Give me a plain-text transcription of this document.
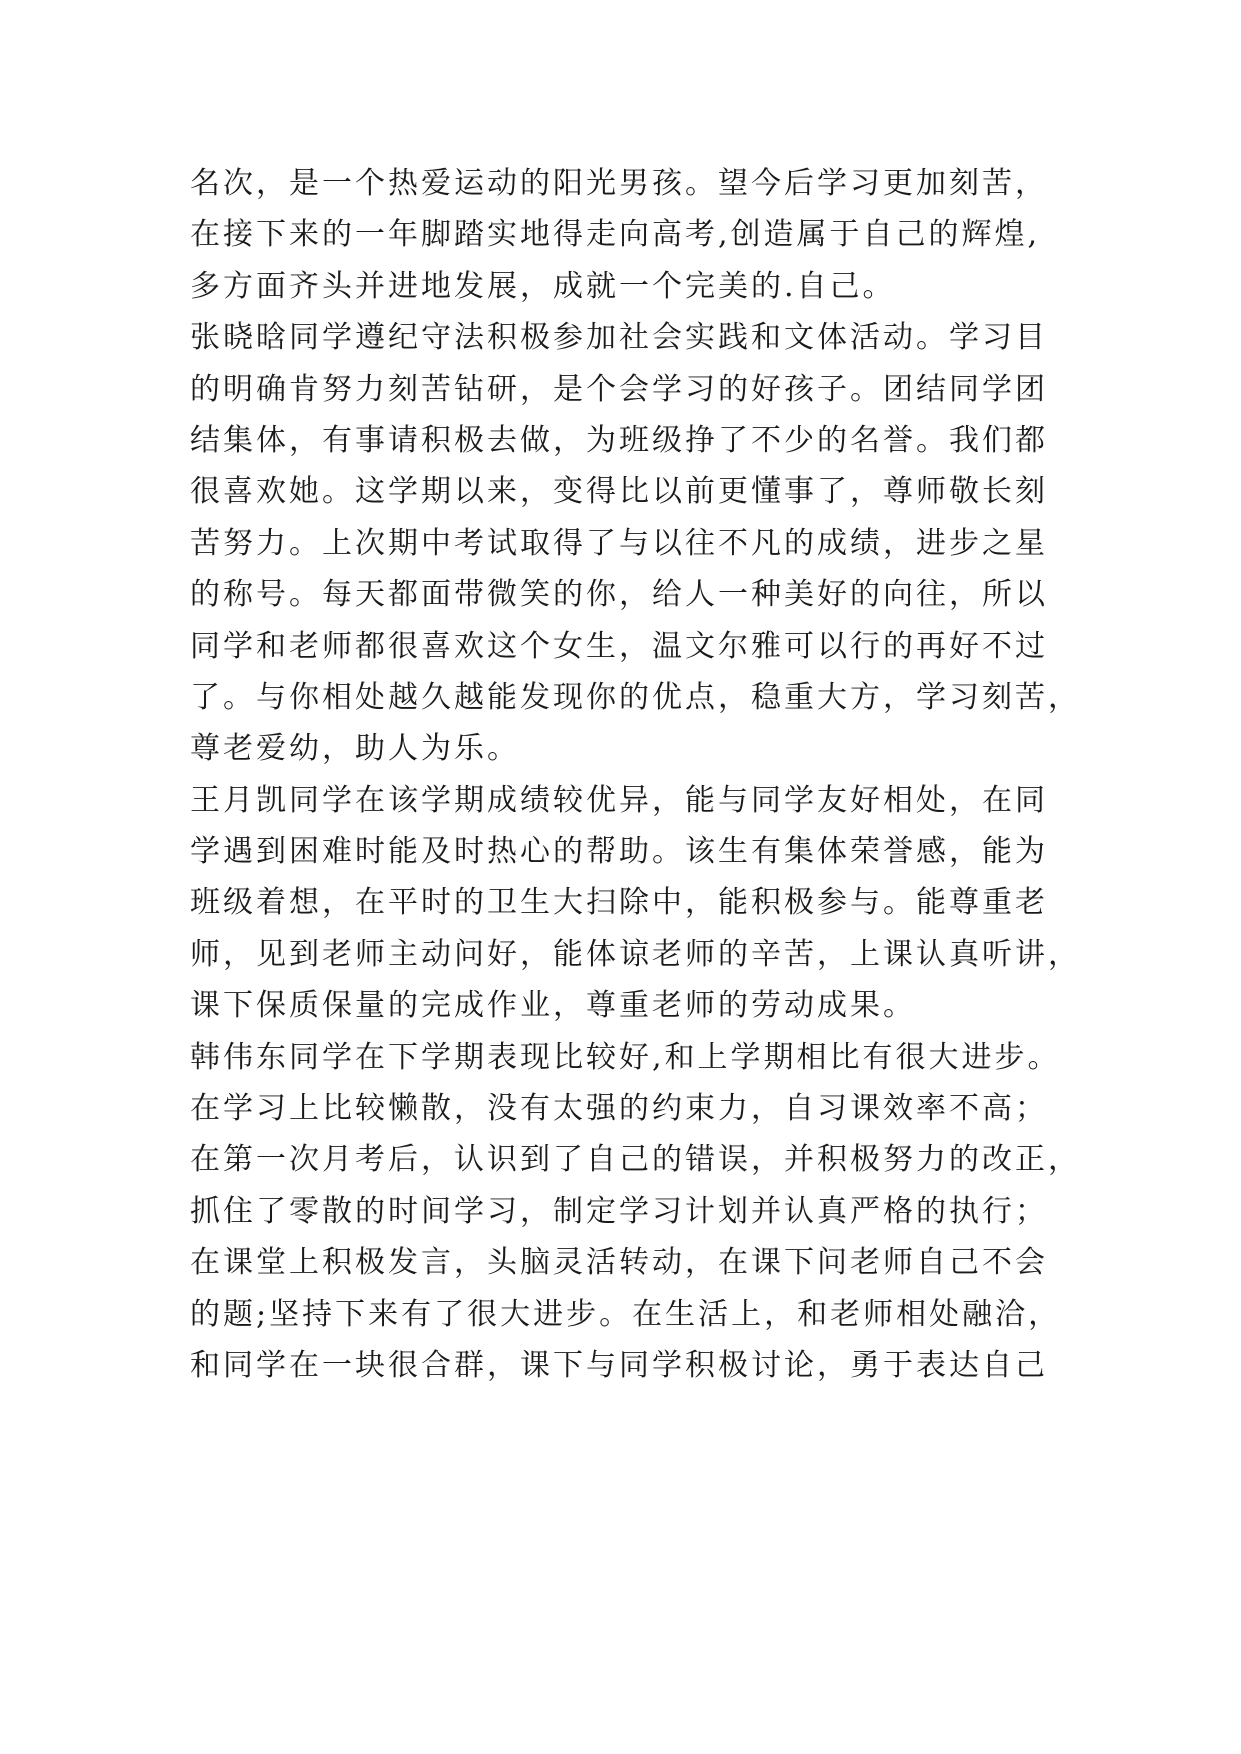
名次，是一个热爱运动的阳光男孩。望今后学习更加刻苦，
在接下来的一年脚踏实地得走向高考,创造属于自己的辉煌,
多方面齐头并进地发展，成就一个完美的.自己。
张晓晗同学遵纪守法积极参加社会实践和文体活动。学习目
的明确肯努力刻苦钻研，是个会学习的好孩子。团结同学团
结集体，有事请积极去做，为班级挣了不少的名誉。我们都
很喜欢她。这学期以来，变得比以前更懂事了，尊师敬长刻
苦努力。上次期中考试取得了与以往不凡的成绩，进步之星
的称号。每天都面带微笑的你，给人一种美好的向往，所以
同学和老师都很喜欢这个女生，温文尔雅可以行的再好不过
了。与你相处越久越能发现你的优点，稳重大方，学习刻苦，
尊老爱幼，助人为乐。
王月凯同学在该学期成绩较优异，能与同学友好相处，在同
学遇到困难时能及时热心的帮助。该生有集体荣誉感，能为
班级着想，在平时的卫生大扫除中，能积极参与。能尊重老
师，见到老师主动问好，能体谅老师的辛苦，上课认真听讲，
课下保质保量的完成作业，尊重老师的劳动成果。
韩伟东同学在下学期表现比较好,和上学期相比有很大进步。
在学习上比较懒散，没有太强的约束力，自习课效率不高；
在第一次月考后，认识到了自己的错误，并积极努力的改正，
抓住了零散的时间学习，制定学习计划并认真严格的执行；
在课堂上积极发言，头脑灵活转动，在课下问老师自己不会
的题;坚持下来有了很大进步。在生活上，和老师相处融洽，
和同学在一块很合群，课下与同学积极讨论，勇于表达自己
